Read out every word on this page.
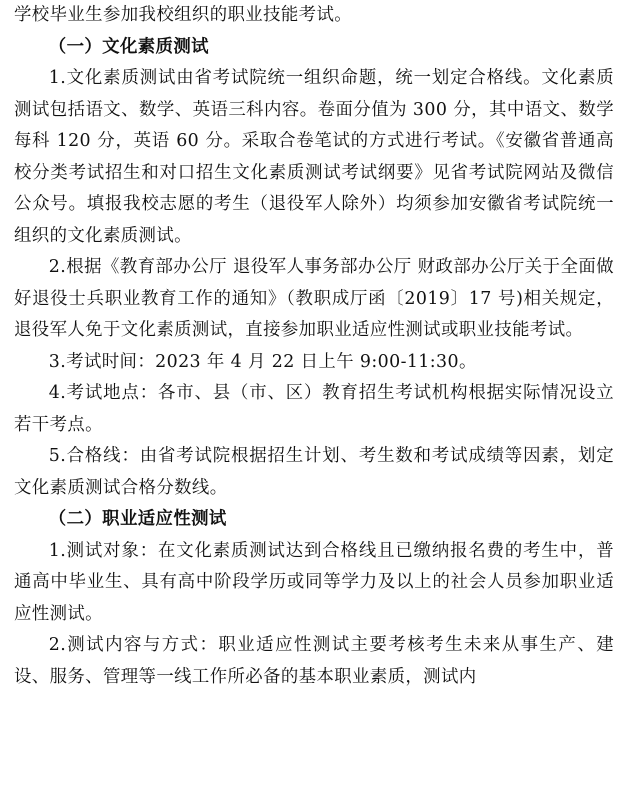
学校毕业生参加我校组织的职业技能考试。

（一）文化素质测试

1.文化素质测试由省考试院统一组织命题，统一划定合格线。文化素质测试包括语文、数学、英语三科内容。卷面分值为 300 分，其中语文、数学每科 120 分，英语 60 分。采取合卷笔试的方式进行考试。《安徽省普通高校分类考试招生和对口招生文化素质测试考试纲要》见省考试院网站及微信公众号。填报我校志愿的考生（退役军人除外）均须参加安徽省考试院统一组织的文化素质测试。

2.根据《教育部办公厅 退役军人事务部办公厅 财政部办公厅关于全面做好退役士兵职业教育工作的通知》（教职成厅函〔2019〕17 号)相关规定，退役军人免于文化素质测试，直接参加职业适应性测试或职业技能考试。

3.考试时间：2023 年 4 月 22 日上午 9:00-11:30。

4.考试地点：各市、县（市、区）教育招生考试机构根据实际情况设立若干考点。

5.合格线：由省考试院根据招生计划、考生数和考试成绩等因素，划定文化素质测试合格分数线。

（二）职业适应性测试

1.测试对象：在文化素质测试达到合格线且已缴纳报名费的考生中，普通高中毕业生、具有高中阶段学历或同等学力及以上的社会人员参加职业适应性测试。

2.测试内容与方式：职业适应性测试主要考核考生未来从事生产、建设、服务、管理等一线工作所必备的基本职业素质，测试内
